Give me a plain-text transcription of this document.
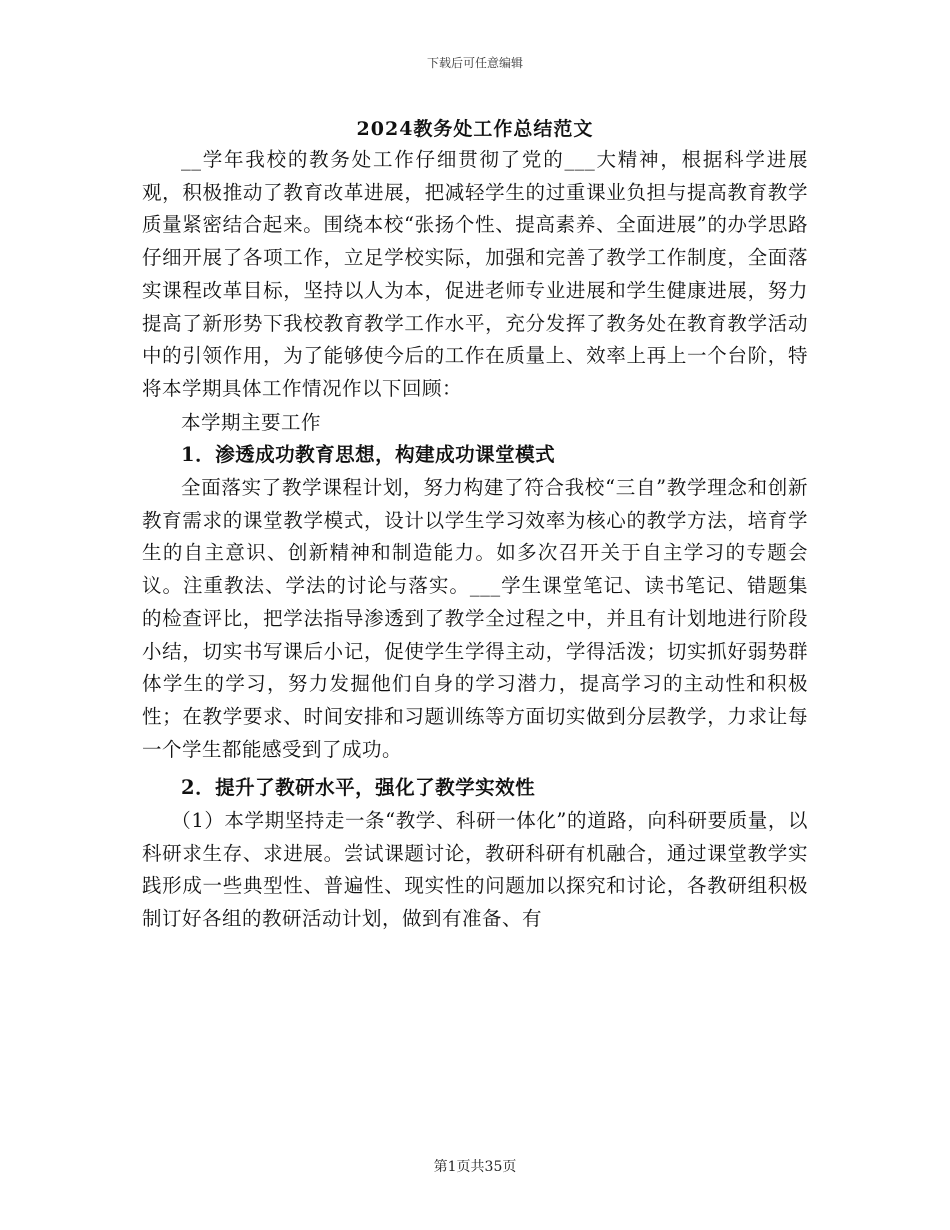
下载后可任意编辑
2024教务处工作总结范文

__学年我校的教务处工作仔细贯彻了党的___大精神，根据科学进展观，积极推动了教育改革进展，把减轻学生的过重课业负担与提高教育教学质量紧密结合起来。围绕本校“张扬个性、提高素养、全面进展”的办学思路仔细开展了各项工作，立足学校实际，加强和完善了教学工作制度，全面落实课程改革目标，坚持以人为本，促进老师专业进展和学生健康进展，努力提高了新形势下我校教育教学工作水平，充分发挥了教务处在教育教学活动中的引领作用，为了能够使今后的工作在质量上、效率上再上一个台阶，特将本学期具体工作情况作以下回顾：

本学期主要工作

1．渗透成功教育思想，构建成功课堂模式

全面落实了教学课程计划，努力构建了符合我校“三自”教学理念和创新教育需求的课堂教学模式，设计以学生学习效率为核心的教学方法，培育学生的自主意识、创新精神和制造能力。如多次召开关于自主学习的专题会议。注重教法、学法的讨论与落实。___学生课堂笔记、读书笔记、错题集的检查评比，把学法指导渗透到了教学全过程之中，并且有计划地进行阶段小结，切实书写课后小记，促使学生学得主动，学得活泼；切实抓好弱势群体学生的学习，努力发掘他们自身的学习潜力，提高学习的主动性和积极性；在教学要求、时间安排和习题训练等方面切实做到分层教学，力求让每一个学生都能感受到了成功。

2．提升了教研水平，强化了教学实效性

（1）本学期坚持走一条“教学、科研一体化”的道路，向科研要质量，以科研求生存、求进展。尝试课题讨论，教研科研有机融合，通过课堂教学实践形成一些典型性、普遍性、现实性的问题加以探究和讨论，各教研组积极制订好各组的教研活动计划，做到有准备、有

第1页共35页
